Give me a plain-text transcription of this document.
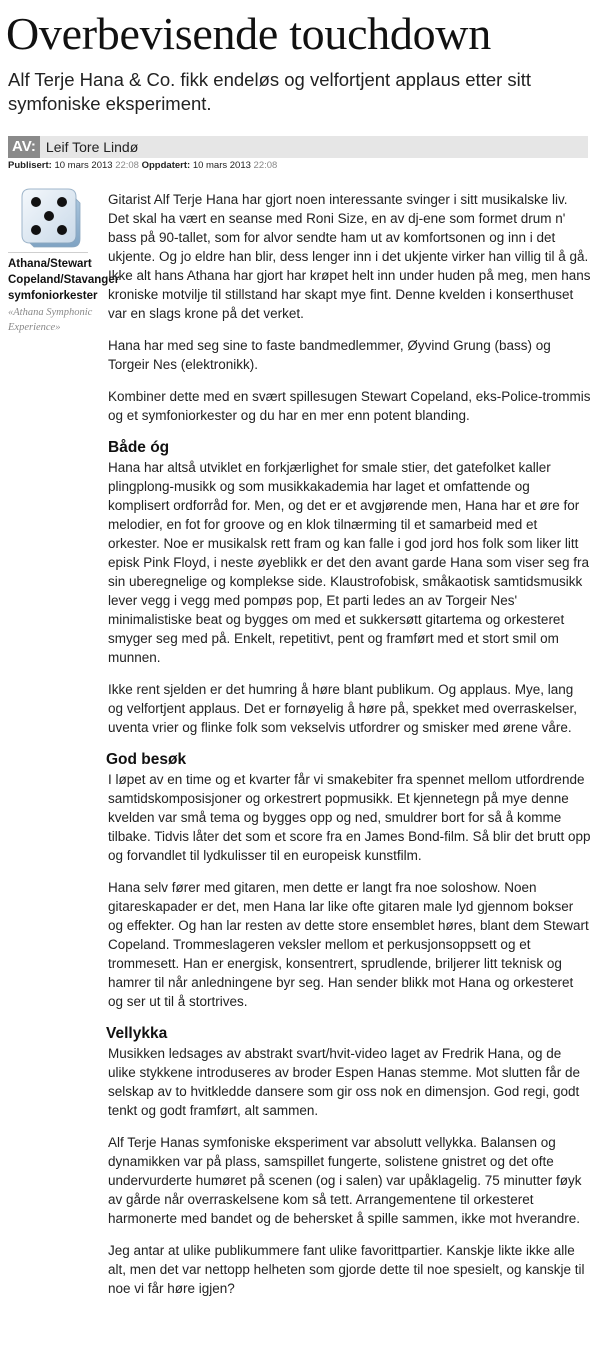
Overbevisende touchdown

Alf Terje Hana & Co. fikk endeløs og velfortjent applaus etter sitt symfoniske eksperiment.

AV: Leif Tore Lindø
Publisert: 10 mars 2013 22:08 Oppdatert: 10 mars 2013 22:08
Athana/Stewart
Copeland/Stavanger
symfoniorkester
«Athana Symphonic Experience»

Gitarist Alf Terje Hana har gjort noen interessante svinger i sitt musikalske liv. Det skal ha vært en seanse med Roni Size, en av dj-ene som formet drum n' bass på 90-tallet, som for alvor sendte ham ut av komfortsonen og inn i det ukjente. Og jo eldre han blir, dess lenger inn i det ukjente virker han villig til å gå. Ikke alt hans Athana har gjort har krøpet helt inn under huden på meg, men hans kroniske motvilje til stillstand har skapt mye fint. Denne kvelden i konserthuset var en slags krone på det verket.

Hana har med seg sine to faste bandmedlemmer, Øyvind Grung (bass) og Torgeir Nes (elektronikk).

Kombiner dette med en svært spillesugen Stewart Copeland, eks-Police-trommis og et symfoniorkester og du har en mer enn potent blanding.

Både óg

Hana har altså utviklet en forkjærlighet for smale stier, det gatefolket kaller plingplong-musikk og som musikkakademia har laget et omfattende og komplisert ordforråd for. Men, og det er et avgjørende men, Hana har et øre for melodier, en fot for groove og en klok tilnærming til et samarbeid med et orkester. Noe er musikalsk rett fram og kan falle i god jord hos folk som liker litt episk Pink Floyd, i neste øyeblikk er det den avant garde Hana som viser seg fra sin uberegnelige og komplekse side. Klaustrofobisk, småkaotisk samtidsmusikk lever vegg i vegg med pompøs pop, Et parti ledes an av Torgeir Nes' minimalistiske beat og bygges om med et sukkersøtt gitartema og orkesteret smyger seg med på. Enkelt, repetitivt, pent og framført med et stort smil om munnen.

Ikke rent sjelden er det humring å høre blant publikum. Og applaus. Mye, lang og velfortjent applaus. Det er fornøyelig å høre på, spekket med overraskelser, uventa vrier og flinke folk som vekselvis utfordrer og smisker med ørene våre.

God besøk

I løpet av en time og et kvarter får vi smakebiter fra spennet mellom utfordrende samtidskomposisjoner og orkestrert popmusikk. Et kjennetegn på mye denne kvelden var små tema og bygges opp og ned, smuldrer bort for så å komme tilbake. Tidvis låter det som et score fra en James Bond-film. Så blir det brutt opp og forvandlet til lydkulisser til en europeisk kunstfilm.

Hana selv fører med gitaren, men dette er langt fra noe soloshow. Noen gitareskapader er det, men Hana lar like ofte gitaren male lyd gjennom bokser og effekter. Og han lar resten av dette store ensemblet høres, blant dem Stewart Copeland. Trommeslageren veksler mellom et perkusjonsoppsett og et trommesett. Han er energisk, konsentrert, sprudlende, briljerer litt teknisk og hamrer til når anledningene byr seg. Han sender blikk mot Hana og orkesteret og ser ut til å stortrives.

Vellykka

Musikken ledsages av abstrakt svart/hvit-video laget av Fredrik Hana, og de ulike stykkene introduseres av broder Espen Hanas stemme. Mot slutten får de selskap av to hvitkledde dansere som gir oss nok en dimensjon. God regi, godt tenkt og godt framført, alt sammen.

Alf Terje Hanas symfoniske eksperiment var absolutt vellykka. Balansen og dynamikken var på plass, samspillet fungerte, solistene gnistret og det ofte undervurderte humøret på scenen (og i salen) var upåklagelig. 75 minutter føyk av gårde når overraskelsene kom så tett. Arrangementene til orkesteret harmonerte med bandet og de behersket å spille sammen, ikke mot hverandre.

Jeg antar at ulike publikummere fant ulike favorittpartier. Kanskje likte ikke alle alt, men det var nettopp helheten som gjorde dette til noe spesielt, og kanskje til noe vi får høre igjen?
